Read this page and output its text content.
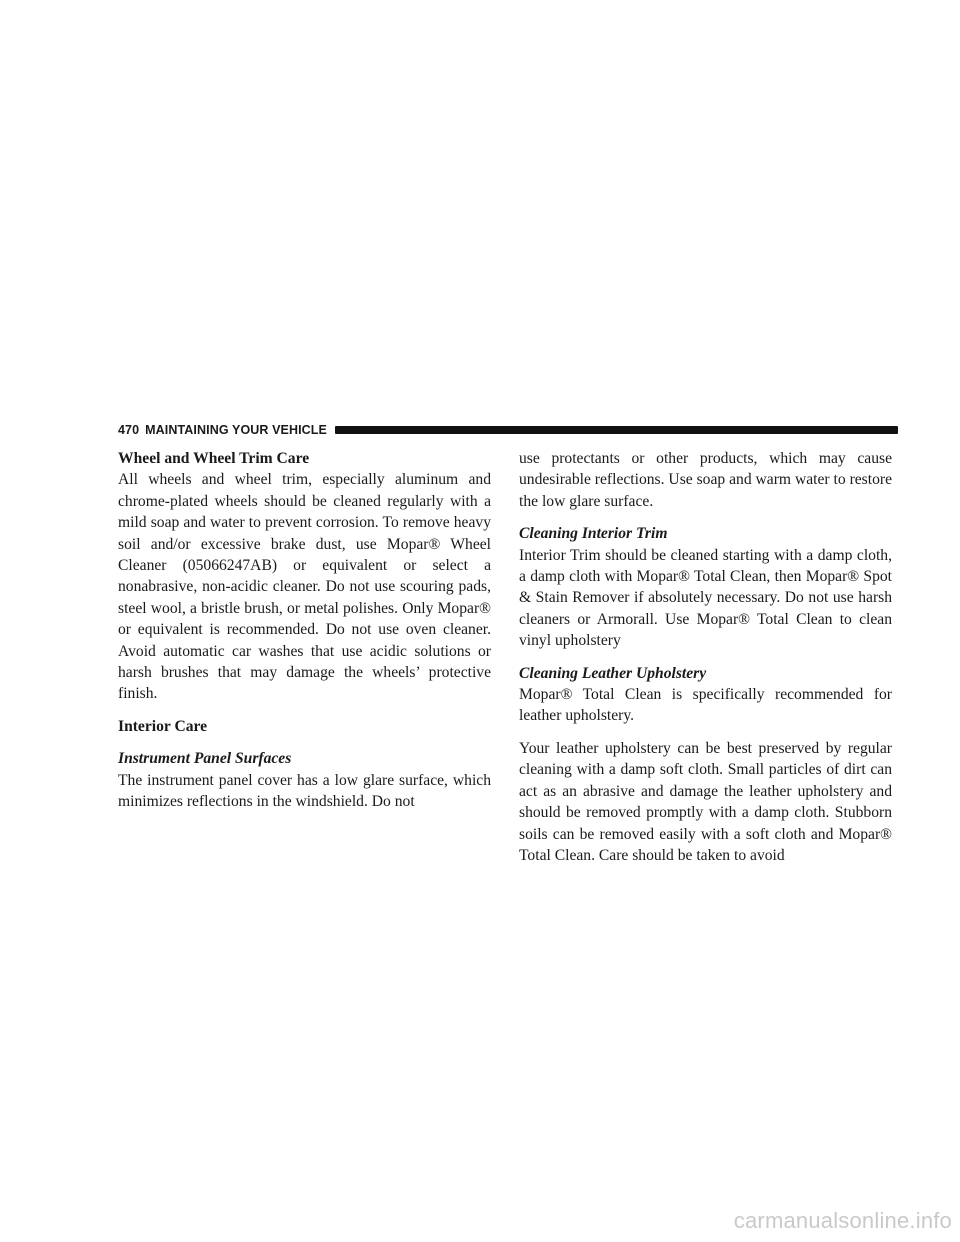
470 MAINTAINING YOUR VEHICLE

Wheel and Wheel Trim Care

All wheels and wheel trim, especially aluminum and chrome-plated wheels should be cleaned regularly with a mild soap and water to prevent corrosion. To remove heavy soil and/or excessive brake dust, use Mopar® Wheel Cleaner (05066247AB) or equivalent or select a nonabrasive, non-acidic cleaner. Do not use scouring pads, steel wool, a bristle brush, or metal polishes. Only Mopar® or equivalent is recommended. Do not use oven cleaner. Avoid automatic car washes that use acidic solutions or harsh brushes that may damage the wheels’ protective finish.

Interior Care

Instrument Panel Surfaces

The instrument panel cover has a low glare surface, which minimizes reflections in the windshield. Do not

use protectants or other products, which may cause undesirable reflections. Use soap and warm water to restore the low glare surface.

Cleaning Interior Trim

Interior Trim should be cleaned starting with a damp cloth, a damp cloth with Mopar® Total Clean, then Mopar® Spot & Stain Remover if absolutely necessary. Do not use harsh cleaners or Armorall. Use Mopar® Total Clean to clean vinyl upholstery

Cleaning Leather Upholstery

Mopar® Total Clean is specifically recommended for leather upholstery.

Your leather upholstery can be best preserved by regular cleaning with a damp soft cloth. Small particles of dirt can act as an abrasive and damage the leather upholstery and should be removed promptly with a damp cloth. Stubborn soils can be removed easily with a soft cloth and Mopar® Total Clean. Care should be taken to avoid

carmanualsonline.info
